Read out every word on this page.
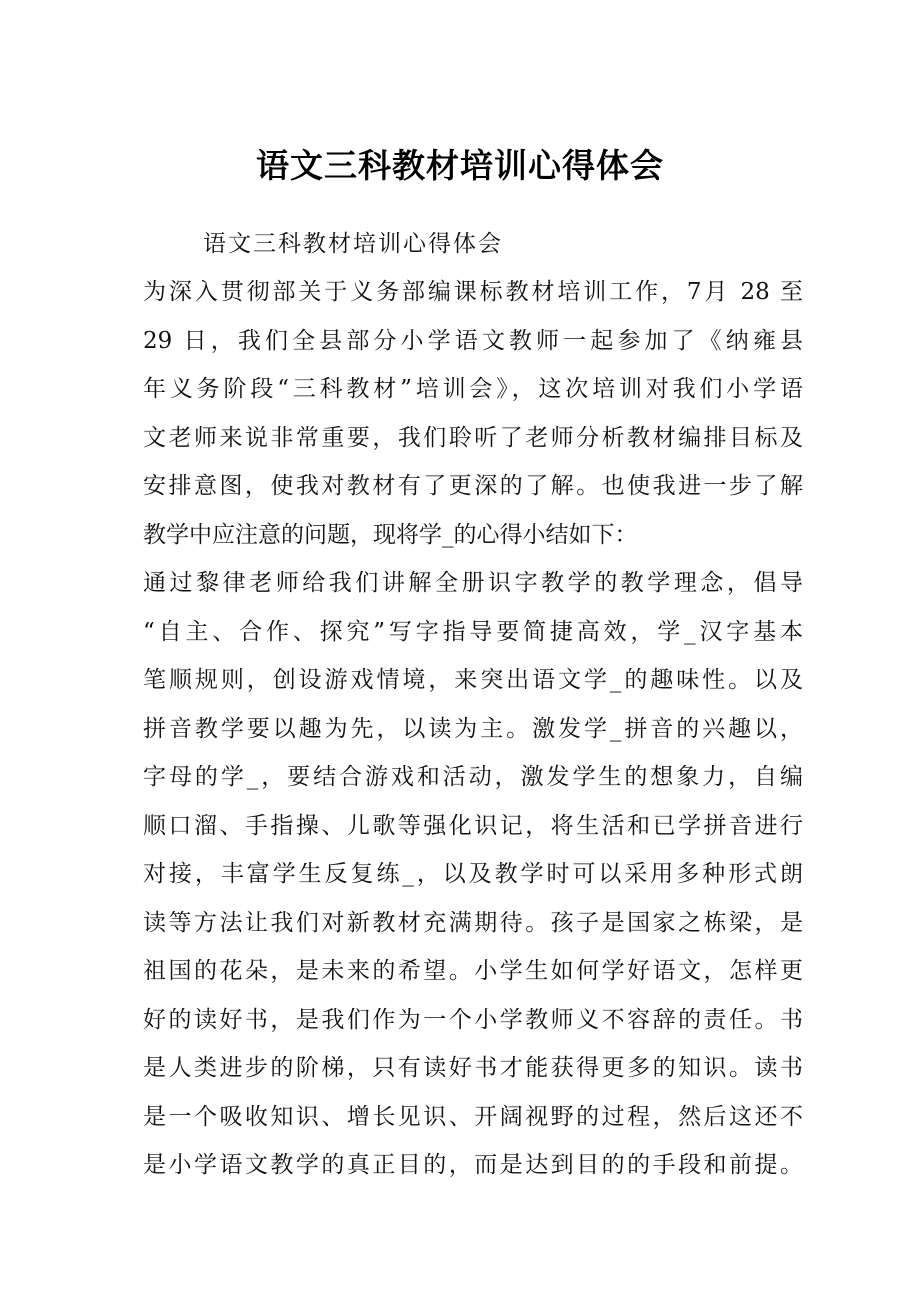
语文三科教材培训心得体会

语文三科教材培训心得体会

为深入贯彻部关于义务部编课标教材培训工作，7月 28 至

29 日，我们全县部分小学语文教师一起参加了《纳雍县

年义务阶段“三科教材”培训会》，这次培训对我们小学语

文老师来说非常重要，我们聆听了老师分析教材编排目标及

安排意图，使我对教材有了更深的了解。也使我进一步了解

教学中应注意的问题，现将学_的心得小结如下：

通过黎律老师给我们讲解全册识字教学的教学理念，倡导

“自主、合作、探究”写字指导要简捷高效，学_汉字基本

笔顺规则，创设游戏情境，来突出语文学_的趣味性。以及

拼音教学要以趣为先，以读为主。激发学_拼音的兴趣以，

字母的学_，要结合游戏和活动，激发学生的想象力，自编

顺口溜、手指操、儿歌等强化识记，将生活和已学拼音进行

对接，丰富学生反复练_，以及教学时可以采用多种形式朗

读等方法让我们对新教材充满期待。孩子是国家之栋梁，是

祖国的花朵，是未来的希望。小学生如何学好语文，怎样更

好的读好书，是我们作为一个小学教师义不容辞的责任。书

是人类进步的阶梯，只有读好书才能获得更多的知识。读书

是一个吸收知识、增长见识、开阔视野的过程，然后这还不

是小学语文教学的真正目的，而是达到目的的手段和前提。
